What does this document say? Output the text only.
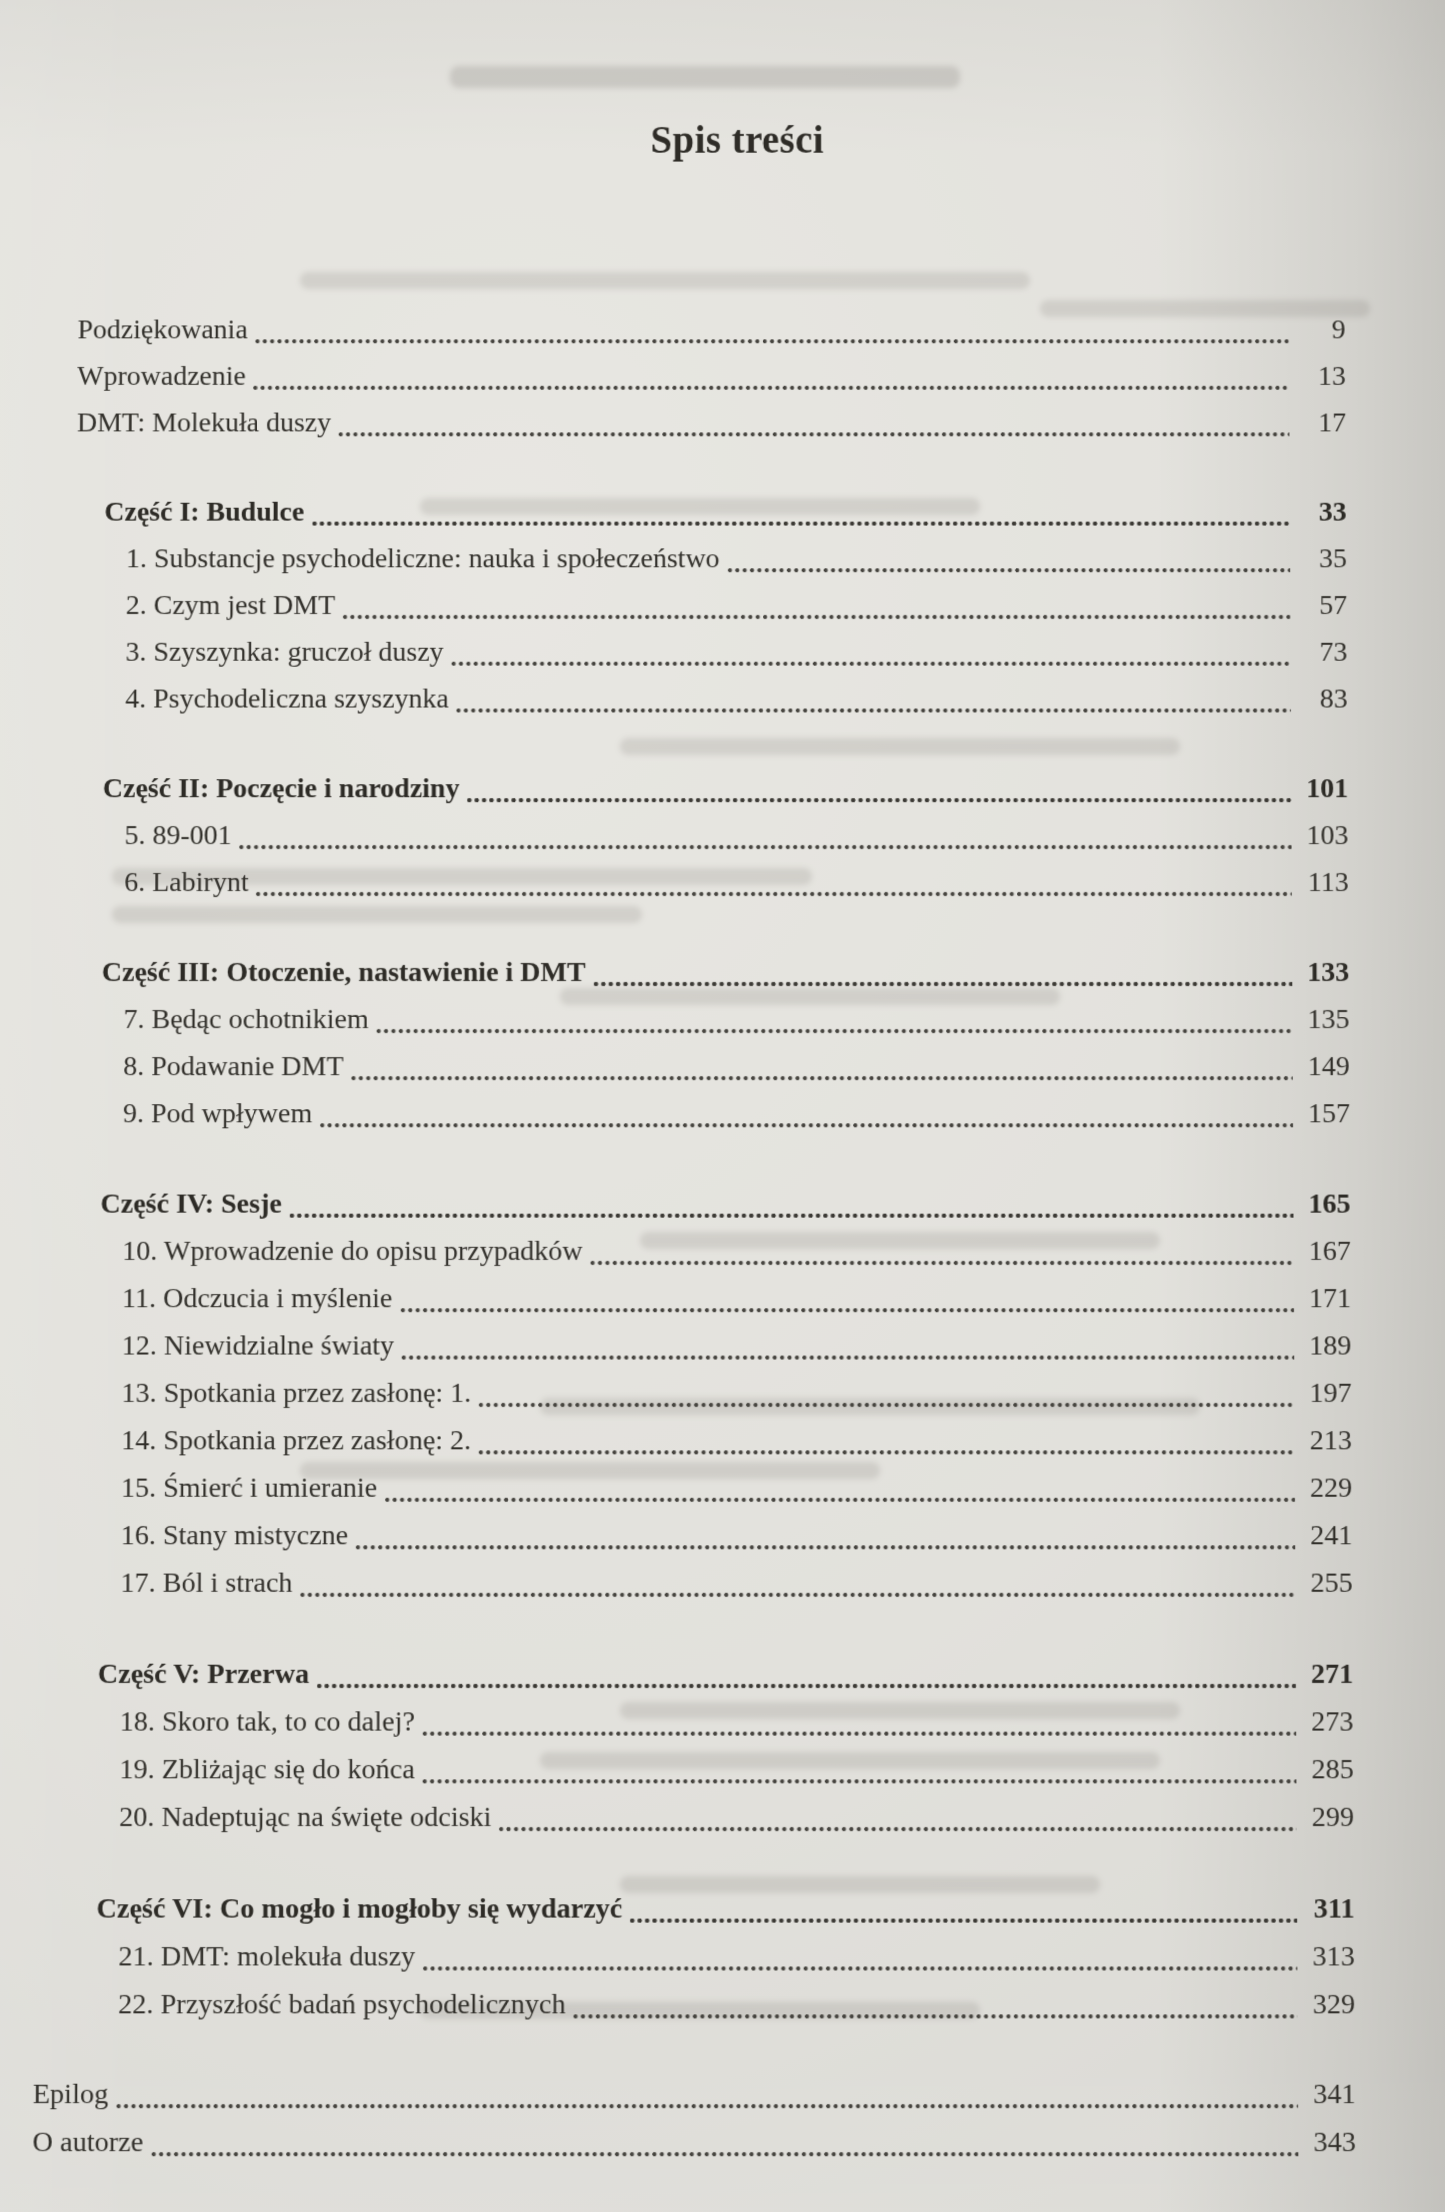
Spis treści
Podziękowania	9
Wprowadzenie	13
DMT: Molekuła duszy	17
Część I: Budulce	33
1. Substancje psychodeliczne: nauka i społeczeństwo	35
2. Czym jest DMT	57
3. Szyszynka: gruczoł duszy	73
4. Psychodeliczna szyszynka	83
Część II: Poczęcie i narodziny	101
5. 89-001	103
6. Labirynt	113
Część III: Otoczenie, nastawienie i DMT	133
7. Będąc ochotnikiem	135
8. Podawanie DMT	149
9. Pod wpływem	157
Część IV: Sesje	165
10. Wprowadzenie do opisu przypadków	167
11. Odczucia i myślenie	171
12. Niewidzialne światy	189
13. Spotkania przez zasłonę: 1.	197
14. Spotkania przez zasłonę: 2.	213
15. Śmierć i umieranie	229
16. Stany mistyczne	241
17. Ból i strach	255
Część V: Przerwa	271
18. Skoro tak, to co dalej?	273
19. Zbliżając się do końca	285
20. Nadeptując na święte odciski	299
Część VI: Co mogło i mogłoby się wydarzyć	311
21. DMT: molekuła duszy	313
22. Przyszłość badań psychodelicznych	329
Epilog	341
O autorze	343
